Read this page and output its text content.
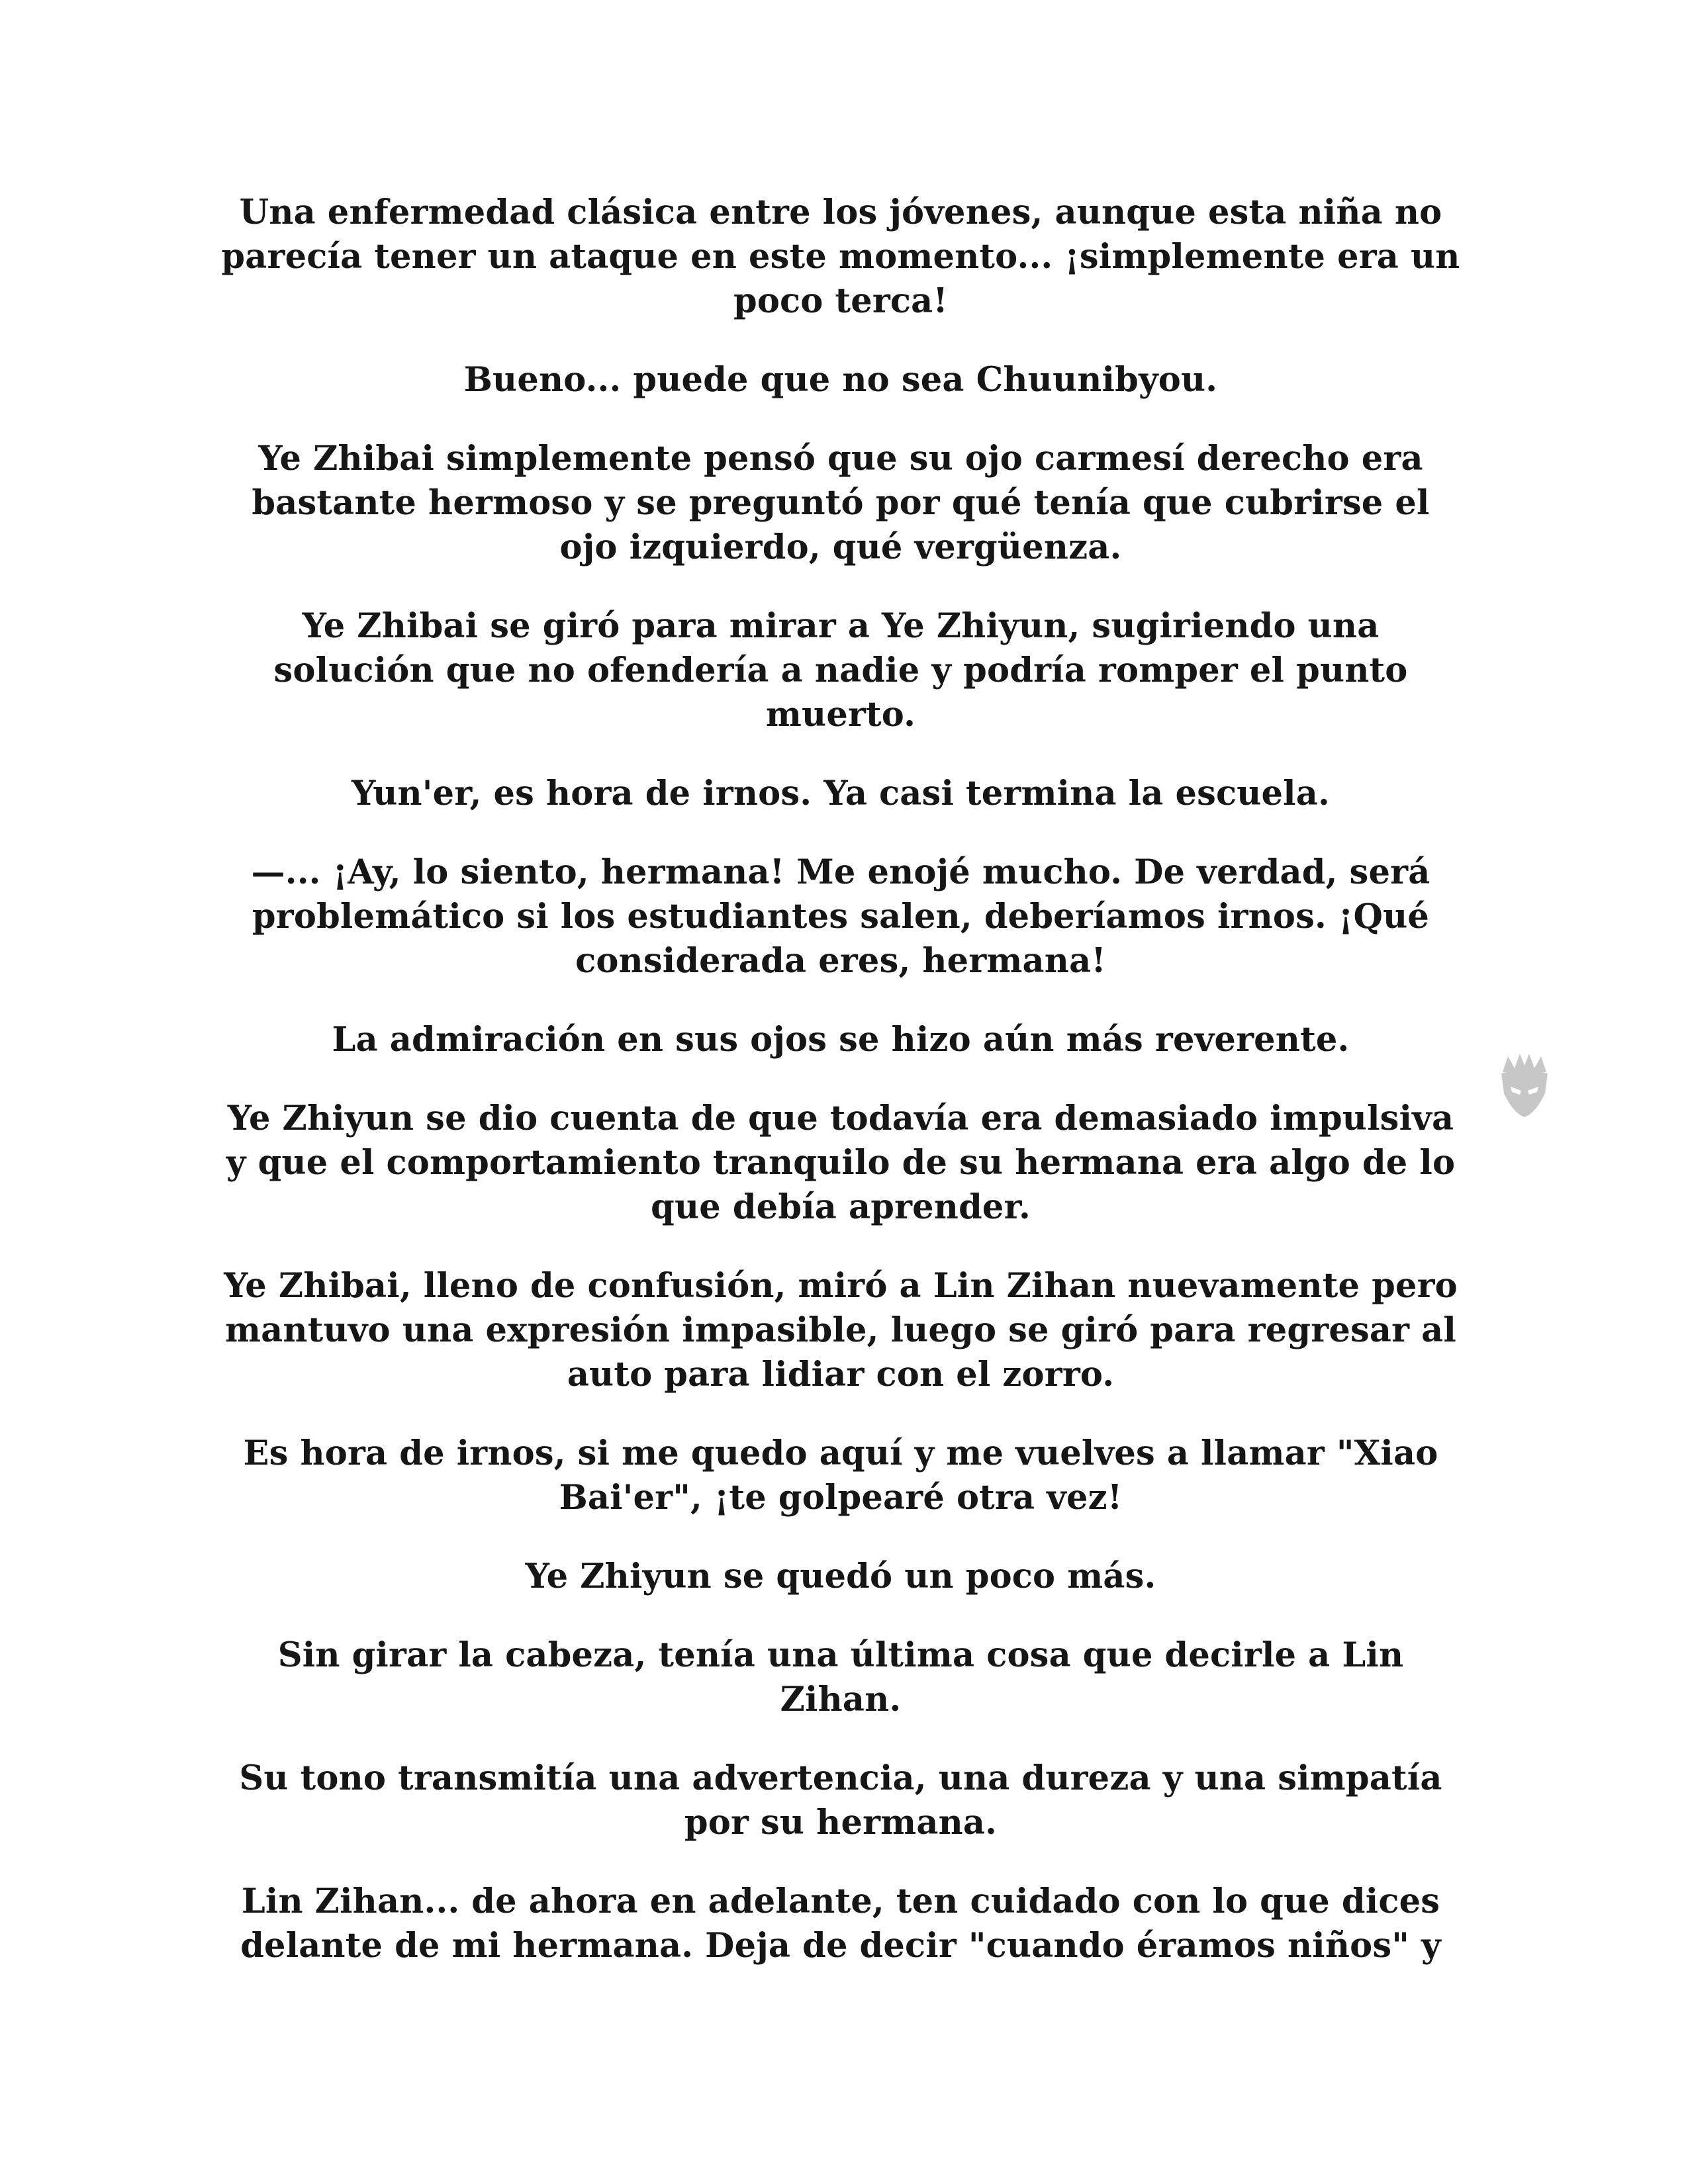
Una enfermedad clásica entre los jóvenes, aunque esta niña no parecía tener un ataque en este momento... ¡simplemente era un poco terca!

Bueno... puede que no sea Chuunibyou.

Ye Zhibai simplemente pensó que su ojo carmesí derecho era bastante hermoso y se preguntó por qué tenía que cubrirse el ojo izquierdo, qué vergüenza.

Ye Zhibai se giró para mirar a Ye Zhiyun, sugiriendo una solución que no ofendería a nadie y podría romper el punto muerto.

Yun'er, es hora de irnos. Ya casi termina la escuela.

—... ¡Ay, lo siento, hermana! Me enojé mucho. De verdad, será problemático si los estudiantes salen, deberíamos irnos. ¡Qué considerada eres, hermana!

La admiración en sus ojos se hizo aún más reverente.

Ye Zhiyun se dio cuenta de que todavía era demasiado impulsiva y que el comportamiento tranquilo de su hermana era algo de lo que debía aprender.

Ye Zhibai, lleno de confusión, miró a Lin Zihan nuevamente pero mantuvo una expresión impasible, luego se giró para regresar al auto para lidiar con el zorro.

Es hora de irnos, si me quedo aquí y me vuelves a llamar "Xiao Bai'er", ¡te golpearé otra vez!

Ye Zhiyun se quedó un poco más.

Sin girar la cabeza, tenía una última cosa que decirle a Lin Zihan.

Su tono transmitía una advertencia, una dureza y una simpatía por su hermana.

Lin Zihan... de ahora en adelante, ten cuidado con lo que dices delante de mi hermana. Deja de decir "cuando éramos niños" y
